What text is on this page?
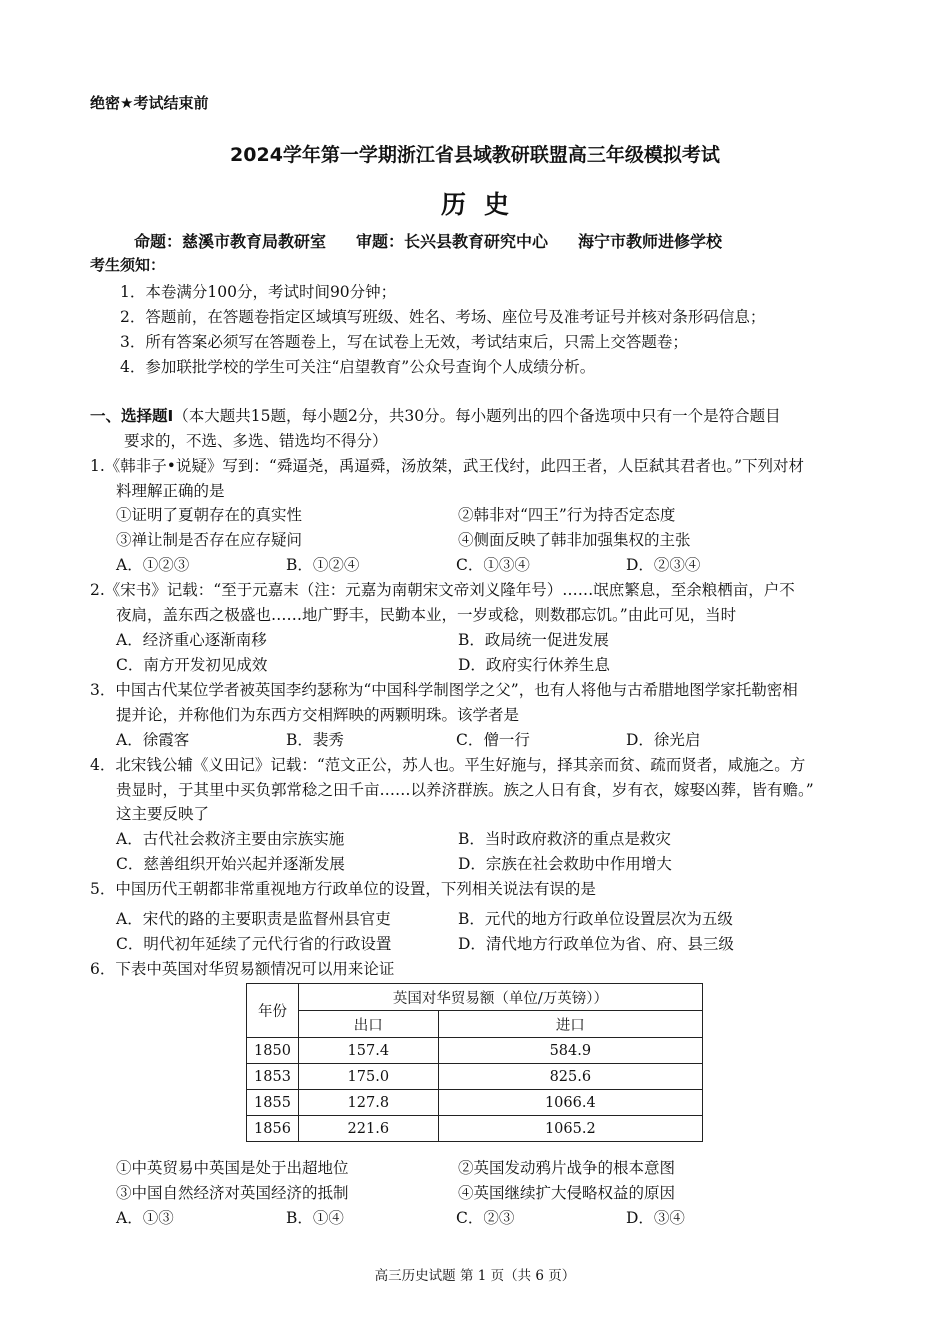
绝密★考试结束前
2024学年第一学期浙江省县域教研联盟高三年级模拟考试
历史
命题：慈溪市教育局教研室 审题：长兴县教育研究中心 海宁市教师进修学校
考生须知：
1．本卷满分100分，考试时间90分钟；
2．答题前，在答题卷指定区域填写班级、姓名、考场、座位号及准考证号并核对条形码信息；
3．所有答案必须写在答题卷上，写在试卷上无效，考试结束后，只需上交答题卷；
4．参加联批学校的学生可关注“启望教育”公众号查询个人成绩分析。
一、选择题Ⅰ（本大题共15题，每小题2分，共30分。每小题列出的四个备选项中只有一个是符合题目
要求的，不选、多选、错选均不得分）
1.《韩非子•说疑》写到：“舜逼尧，禹逼舜，汤放桀，武王伐纣，此四王者，人臣弑其君者也。”下列对材
料理解正确的是
①证明了夏朝存在的真实性	②韩非对“四王”行为持否定态度
③禅让制是否存在应存疑问	④侧面反映了韩非加强集权的主张
A．①②③	B．①②④	C．①③④	D．②③④
2.《宋书》记载：“至于元嘉末（注：元嘉为南朝宋文帝刘义隆年号）……氓庶繁息，至余粮栖亩，户不
夜扃，盖东西之极盛也……地广野丰，民勤本业，一岁或稔，则数郡忘饥。”由此可见，当时
A．经济重心逐渐南移	B．政局统一促进发展
C．南方开发初见成效	D．政府实行休养生息
3．中国古代某位学者被英国李约瑟称为“中国科学制图学之父”，也有人将他与古希腊地图学家托勒密相
提并论，并称他们为东西方交相辉映的两颗明珠。该学者是
A．徐霞客	B．裴秀	C．僧一行	D．徐光启
4．北宋钱公辅《义田记》记载：“范文正公，苏人也。平生好施与，择其亲而贫、疏而贤者，咸施之。方
贵显时，于其里中买负郭常稔之田千亩……以养济群族。族之人日有食，岁有衣，嫁娶凶葬，皆有赡。”
这主要反映了
A．古代社会救济主要由宗族实施	B．当时政府救济的重点是救灾
C．慈善组织开始兴起并逐渐发展	D．宗族在社会救助中作用增大
5．中国历代王朝都非常重视地方行政单位的设置，下列相关说法有误的是
A．宋代的路的主要职责是监督州县官吏	B．元代的地方行政单位设置层次为五级
C．明代初年延续了元代行省的行政设置	D．清代地方行政单位为省、府、县三级
6．下表中英国对华贸易额情况可以用来论证
年份	英国对华贸易额（单位/万英镑））	
	出口	进口
1850	157.4	584.9
1853	175.0	825.6
1855	127.8	1066.4
1856	221.6	1065.2
①中英贸易中英国是处于出超地位	②英国发动鸦片战争的根本意图
③中国自然经济对英国经济的抵制	④英国继续扩大侵略权益的原因
A．①③	B．①④	C．②③	D．③④
高三历史试题 第 1 页（共 6 页）
